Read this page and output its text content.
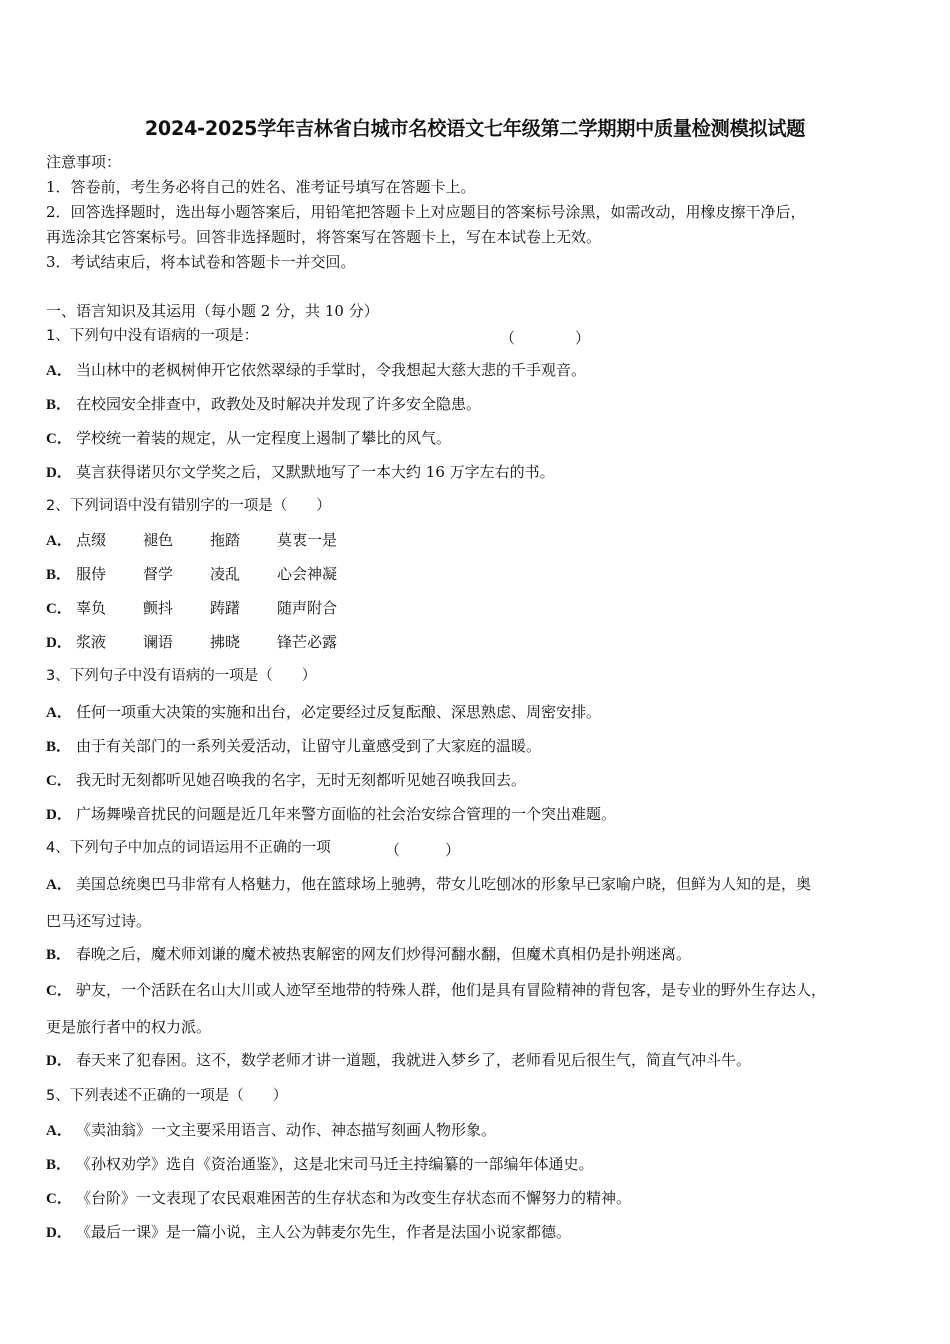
2024-2025学年吉林省白城市名校语文七年级第二学期期中质量检测模拟试题
注意事项：
1．答卷前，考生务必将自己的姓名、准考证号填写在答题卡上。
2．回答选择题时，选出每小题答案后，用铅笔把答题卡上对应题目的答案标号涂黑，如需改动，用橡皮擦干净后，
再选涂其它答案标号。回答非选择题时，将答案写在答题卡上，写在本试卷上无效。
3．考试结束后，将本试卷和答题卡一并交回。
一、语言知识及其运用（每小题 2 分，共 10 分）
1、下列句中没有语病的一项是：	（　　　　）
A． 当山林中的老枫树伸开它依然翠绿的手掌时，令我想起大慈大悲的千手观音。
B． 在校园安全排查中，政教处及时解决并发现了许多安全隐患。
C． 学校统一着装的规定，从一定程度上遏制了攀比的风气。
D． 莫言获得诺贝尔文学奖之后，又默默地写了一本大约 16 万字左右的书。
2、下列词语中没有错别字的一项是（　　）
A． 点缀 褪色 拖踏 莫衷一是
B． 服侍 督学 凌乱 心会神凝
C． 辜负 颤抖 踌躇 随声附合
D． 浆液 谰语 拂晓 锋芒必露
3、下列句子中没有语病的一项是（　　）
A． 任何一项重大决策的实施和出台，必定要经过反复酝酿、深思熟虑、周密安排。
B． 由于有关部门的一系列关爱活动，让留守儿童感受到了大家庭的温暖。
C． 我无时无刻都听见她召唤我的名字，无时无刻都听见她召唤我回去。
D． 广场舞噪音扰民的问题是近几年来警方面临的社会治安综合管理的一个突出难题。
4、下列句子中加点的词语运用不正确的一项	（　　　）
A． 美国总统奥巴马非常有人格魅力，他在篮球场上驰骋，带女儿吃刨冰的形象早已家喻户晓，但鲜为人知的是，奥
巴马还写过诗。
B． 春晚之后，魔术师刘谦的魔术被热衷解密的网友们炒得河翻水翻，但魔术真相仍是扑朔迷离。
C． 驴友，一个活跃在名山大川或人迹罕至地带的特殊人群，他们是具有冒险精神的背包客，是专业的野外生存达人，
更是旅行者中的权力派。
D． 春天来了犯春困。这不，数学老师才讲一道题，我就进入梦乡了，老师看见后很生气，简直气冲斗牛。
5、下列表述不正确的一项是（　　）
A． 《卖油翁》一文主要采用语言、动作、神态描写刻画人物形象。
B． 《孙权劝学》选自《资治通鉴》，这是北宋司马迁主持编纂的一部编年体通史。
C． 《台阶》一文表现了农民艰难困苦的生存状态和为改变生存状态而不懈努力的精神。
D． 《最后一课》是一篇小说，主人公为韩麦尔先生，作者是法国小说家都德。
